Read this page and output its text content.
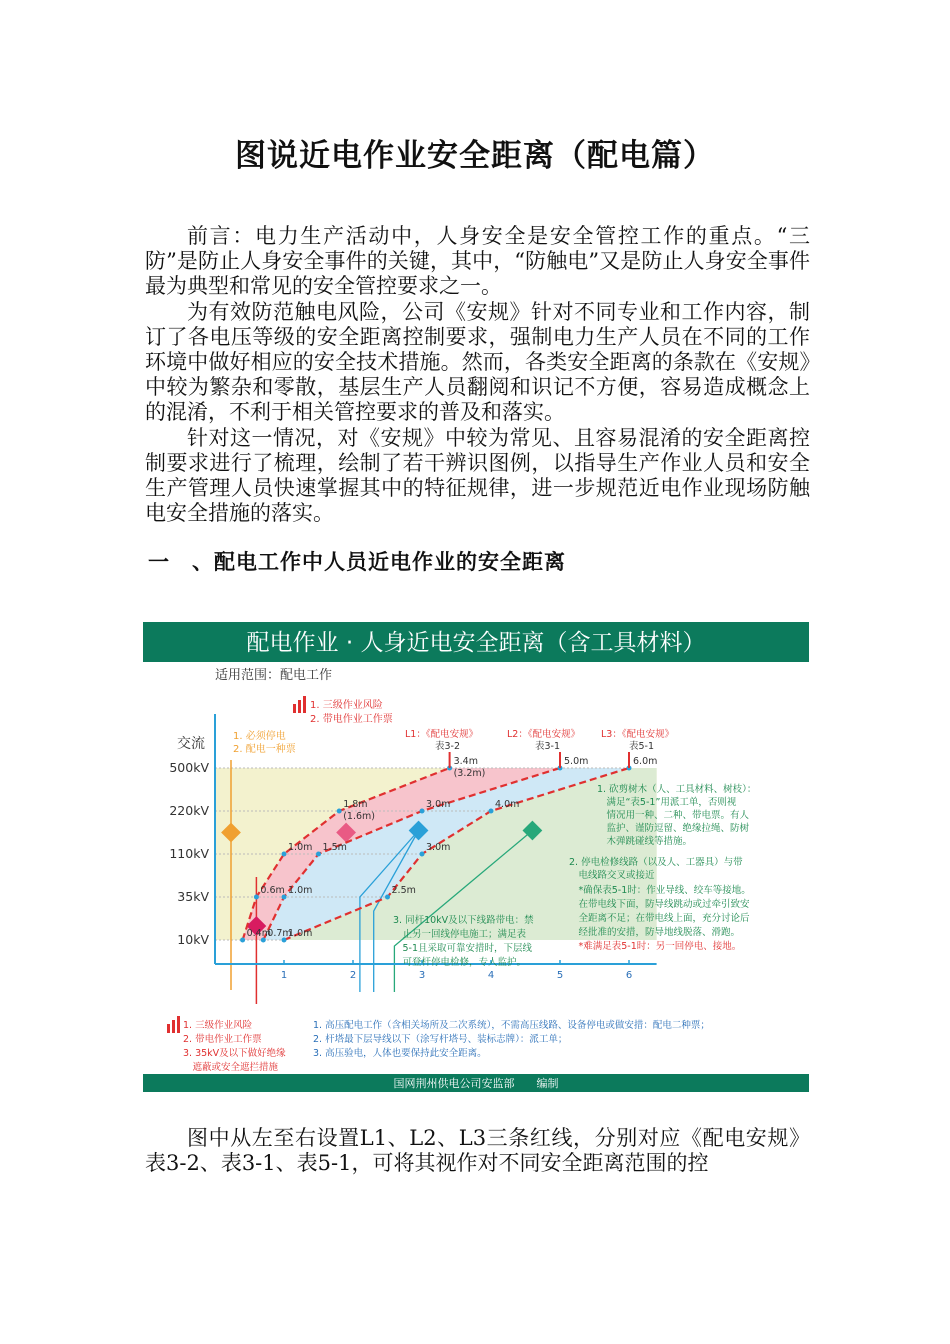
图说近电作业安全距离（配电篇）

前言：电力生产活动中，人身安全是安全管控工作的重点。“三防”是防止人身安全事件的关键，其中，“防触电”又是防止人身安全事件最为典型和常见的安全管控要求之一。

为有效防范触电风险，公司《安规》针对不同专业和工作内容，制订了各电压等级的安全距离控制要求，强制电力生产人员在不同的工作环境中做好相应的安全技术措施。然而，各类安全距离的条款在《安规》中较为繁杂和零散，基层生产人员翻阅和识记不方便，容易造成概念上的混淆，不利于相关管控要求的普及和落实。

针对这一情况，对《安规》中较为常见、且容易混淆的安全距离控制要求进行了梳理，绘制了若干辨识图例，以指导生产作业人员和安全生产管理人员快速掌握其中的特征规律，进一步规范近电作业现场防触电安全措施的落实。

一　、配电工作中人员近电作业的安全距离
配电作业 · 人身近电安全距离（含工具材料）
适用范围：配电工作
10kV
35kV
110kV
220kV
500kV
1	2	3	4	5	6
0.4m
0.6m
1.0m
1.8m
(1.6m)
3.4m
(3.2m)
0.7m
1.0m
1.5m
3.0m
5.0m
1.0m
2.5m
3.0m
4.0m
6.0m
交流
1. 三级作业风险
2. 带电作业工作票
1. 必须停电
2. 配电一种票
L1：《配电安规》
表3-2
L2：《配电安规》
表3-1
L3：《配电安规》
表5-1
1. 砍剪树木（人、工具材料、树枝）：
　满足“表5-1”用派工单，否则视
　情况用一种、二种、带电票。有人
　监护、谨防逗留、绝缘拉绳、防树
　木弹跳碰线等措施。
2. 停电检修线路（以及人、工器具）与带
　电线路交叉或接近
　*确保表5-1时：作业导线、绞车等接地。
　在带电线下面，防导线跳动或过牵引致安
　全距离不足；在带电线上面，充分讨论后
　经批准的安措，防导地线脱落、滑跑。
　*难满足表5-1时：另一回停电、接地。
3. 同杆10kV及以下线路带电：禁
　止另一回线停电施工；满足表
　5-1且采取可靠安措时，下层线
　可登杆停电检修，专人监护。
1. 三级作业风险
2. 带电作业工作票
3. 35kV及以下做好绝缘
　遮蔽或安全遮拦措施
1. 高压配电工作（含相关场所及二次系统），不需高压线路、设备停电或做安措：配电二种票；
2. 杆塔最下层导线以下（涂写杆塔号、装标志牌）：派工单；
3. 高压验电，人体也要保持此安全距离。
国网荆州供电公司安监部　　编制

图中从左至右设置L1、L2、L3三条红线，分别对应《配电安规》表3-2、表3-1、表5-1，可将其视作对不同安全距离范围的控
